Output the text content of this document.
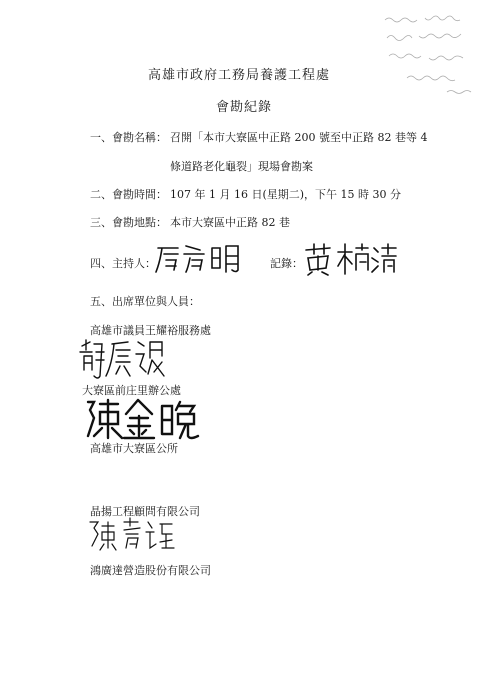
高雄市政府工務局養護工程處
會勘紀錄
一、會勘名稱： 召開「本市大寮區中正路 200 號至中正路 82 巷等 4
條道路老化龜裂」現場會勘案
二、會勘時間： 107 年 1 月 16 日(星期二)，下午 15 時 30 分
三、會勘地點： 本市大寮區中正路 82 巷
四、主持人：	記錄：
五、出席單位與人員：
高雄市議員王耀裕服務處
大寮區前庄里辦公處
高雄市大寮區公所
晶揚工程顧問有限公司
鴻廣達營造股份有限公司
